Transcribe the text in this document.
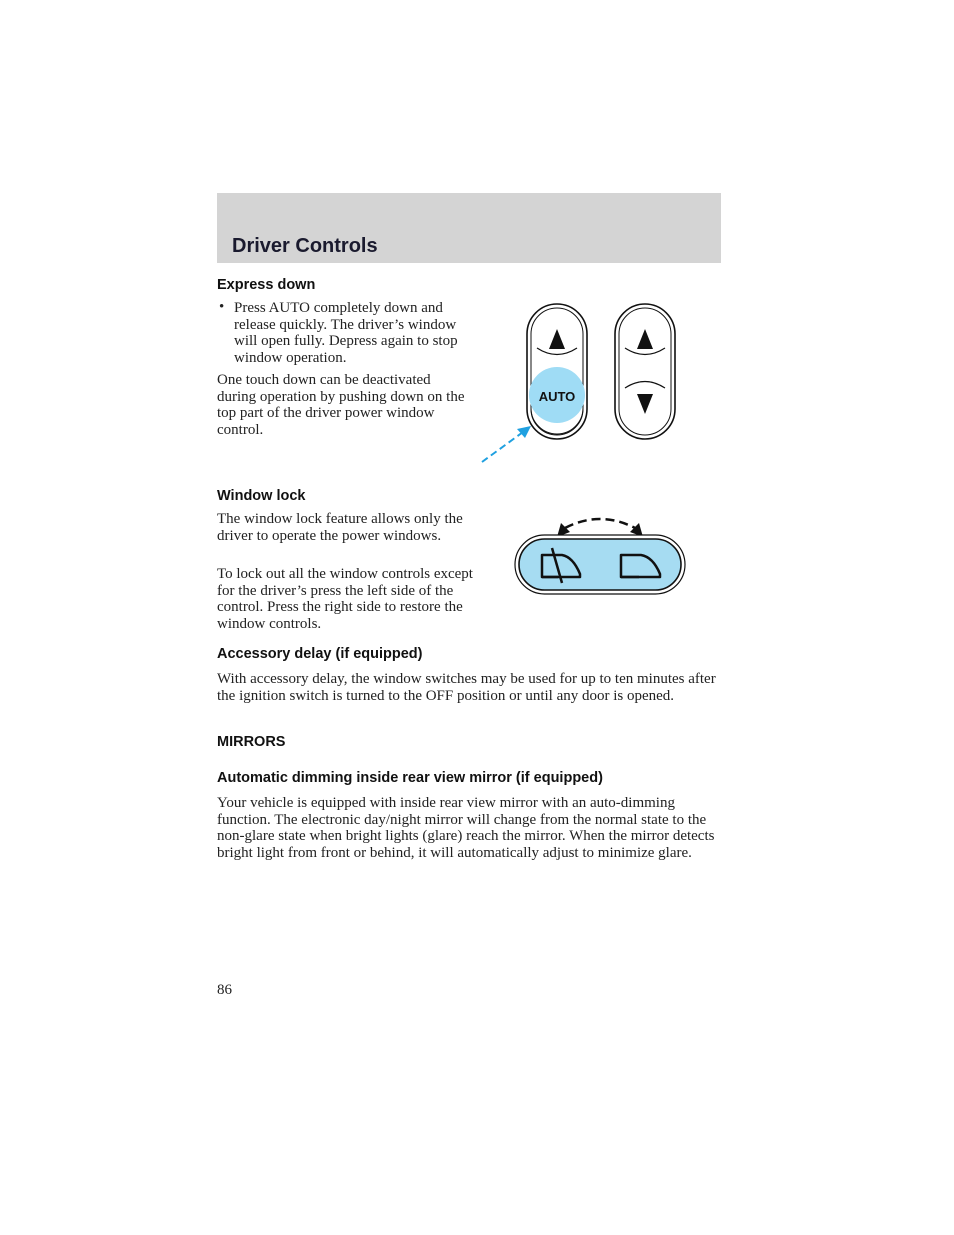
Driver Controls
Express down
• Press AUTO completely down and release quickly. The driver’s window will open fully. Depress again to stop window operation.
One touch down can be deactivated during operation by pushing down on the top part of the driver power window control.
AUTO
Window lock
The window lock feature allows only the driver to operate the power windows.
To lock out all the window controls except for the driver’s press the left side of the control. Press the right side to restore the window controls.
Accessory delay (if equipped)
With accessory delay, the window switches may be used for up to ten minutes after the ignition switch is turned to the OFF position or until any door is opened.
MIRRORS
Automatic dimming inside rear view mirror (if equipped)
Your vehicle is equipped with inside rear view mirror with an auto-dimming function. The electronic day/night mirror will change from the normal state to the non-glare state when bright lights (glare) reach the mirror. When the mirror detects bright light from front or behind, it will automatically adjust to minimize glare.
86
